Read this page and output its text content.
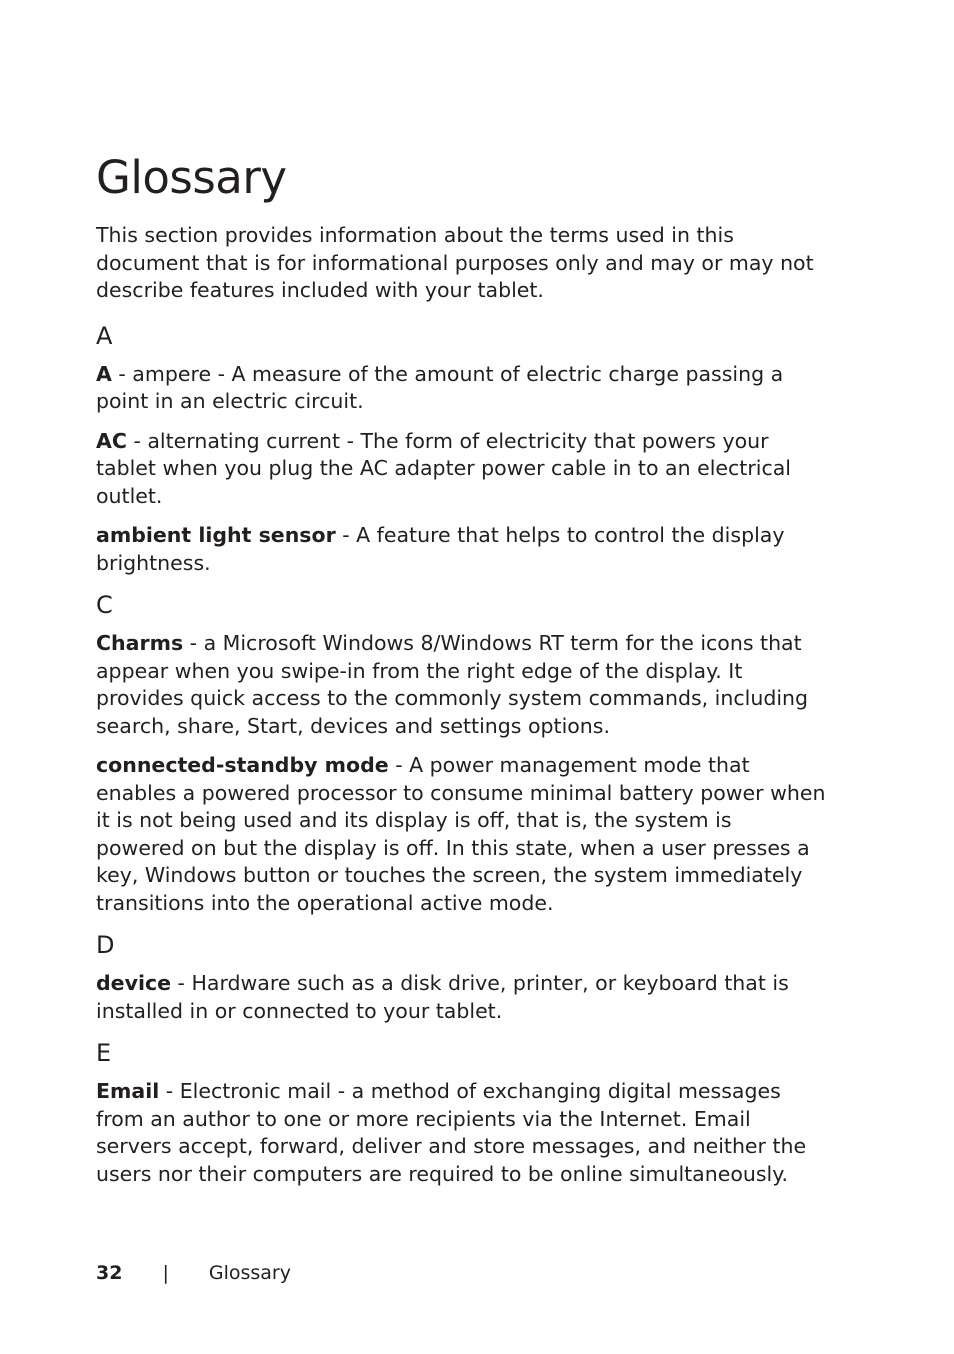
Glossary

This section provides information about the terms used in this document that is for informational purposes only and may or may not describe features included with your tablet.

A

A - ampere - A measure of the amount of electric charge passing a point in an electric circuit.

AC - alternating current - The form of electricity that powers your tablet when you plug the AC adapter power cable in to an electrical outlet.

ambient light sensor - A feature that helps to control the display brightness.

C

Charms - a Microsoft Windows 8/Windows RT term for the icons that appear when you swipe-in from the right edge of the display. It provides quick access to the commonly system commands, including search, share, Start, devices and settings options.

connected-standby mode - A power management mode that enables a powered processor to consume minimal battery power when it is not being used and its display is off, that is, the system is powered on but the display is off. In this state, when a user presses a key, Windows button or touches the screen, the system immediately transitions into the operational active mode.

D

device - Hardware such as a disk drive, printer, or keyboard that is installed in or connected to your tablet.

E

Email - Electronic mail - a method of exchanging digital messages from an author to one or more recipients via the Internet. Email servers accept, forward, deliver and store messages, and neither the users nor their computers are required to be online simultaneously.

32 | Glossary
